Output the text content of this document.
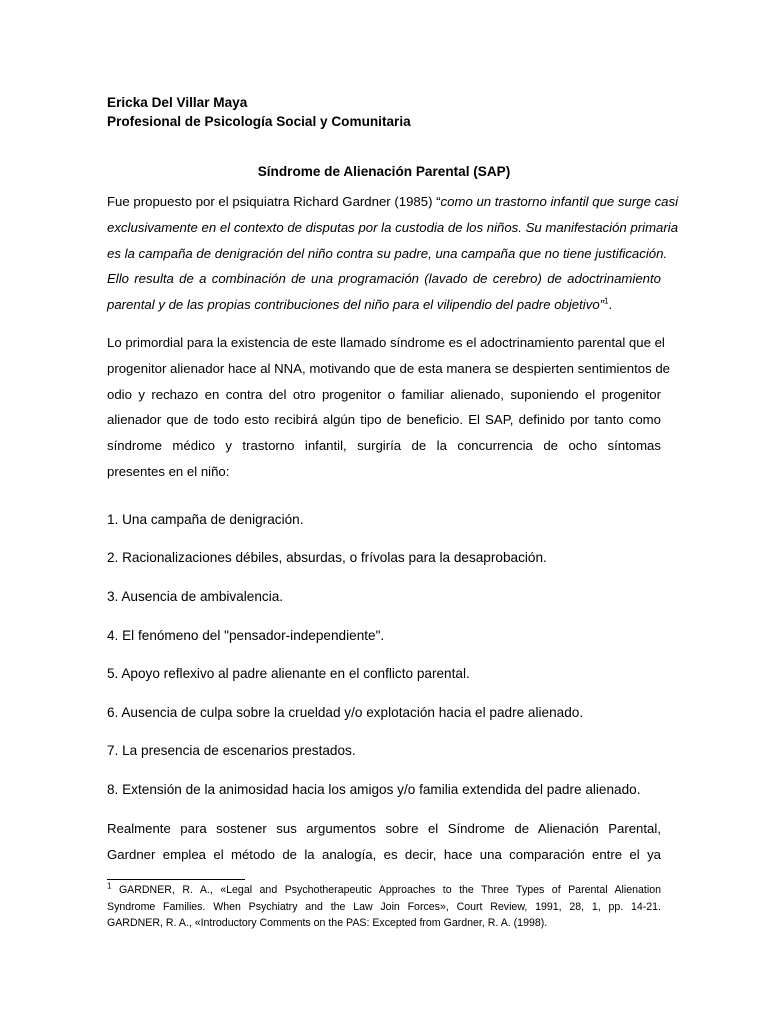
Ericka Del Villar Maya
Profesional de Psicología Social y Comunitaria
Síndrome de Alienación Parental (SAP)
Fue propuesto por el psiquiatra Richard Gardner (1985) “como un trastorno infantil que surge casi
exclusivamente en el contexto de disputas por la custodia de los niños. Su manifestación primaria
es la campaña de denigración del niño contra su padre, una campaña que no tiene justificación.
Ello resulta de a combinación de una programación (lavado de cerebro) de adoctrinamiento
parental y de las propias contribuciones del niño para el vilipendio del padre objetivo”$^1$.
Lo primordial para la existencia de este llamado síndrome es el adoctrinamiento parental que el
progenitor alienador hace al NNA, motivando que de esta manera se despierten sentimientos de
odio y rechazo en contra del otro progenitor o familiar alienado, suponiendo el progenitor
alienador que de todo esto recibirá algún tipo de beneficio. El SAP, definido por tanto como
síndrome médico y trastorno infantil, surgiría de la concurrencia de ocho síntomas
presentes en el niño:
1. Una campaña de denigración.
2. Racionalizaciones débiles, absurdas, o frívolas para la desaprobación.
3. Ausencia de ambivalencia.
4. El fenómeno del "pensador-independiente".
5. Apoyo reflexivo al padre alienante en el conflicto parental.
6. Ausencia de culpa sobre la crueldad y/o explotación hacia el padre alienado.
7. La presencia de escenarios prestados.
8. Extensión de la animosidad hacia los amigos y/o familia extendida del padre alienado.
Realmente para sostener sus argumentos sobre el Síndrome de Alienación Parental,
Gardner emplea el método de la analogía, es decir, hace una comparación entre el ya
$^1$ GARDNER, R. A., «Legal and Psychotherapeutic Approaches to the Three Types of Parental Alienation
Syndrome Families. When Psychiatry and the Law Join Forces», Court Review, 1991, 28, 1, pp. 14-21.
GARDNER, R. A., «Introductory Comments on the PAS: Excepted from Gardner, R. A. (1998).
